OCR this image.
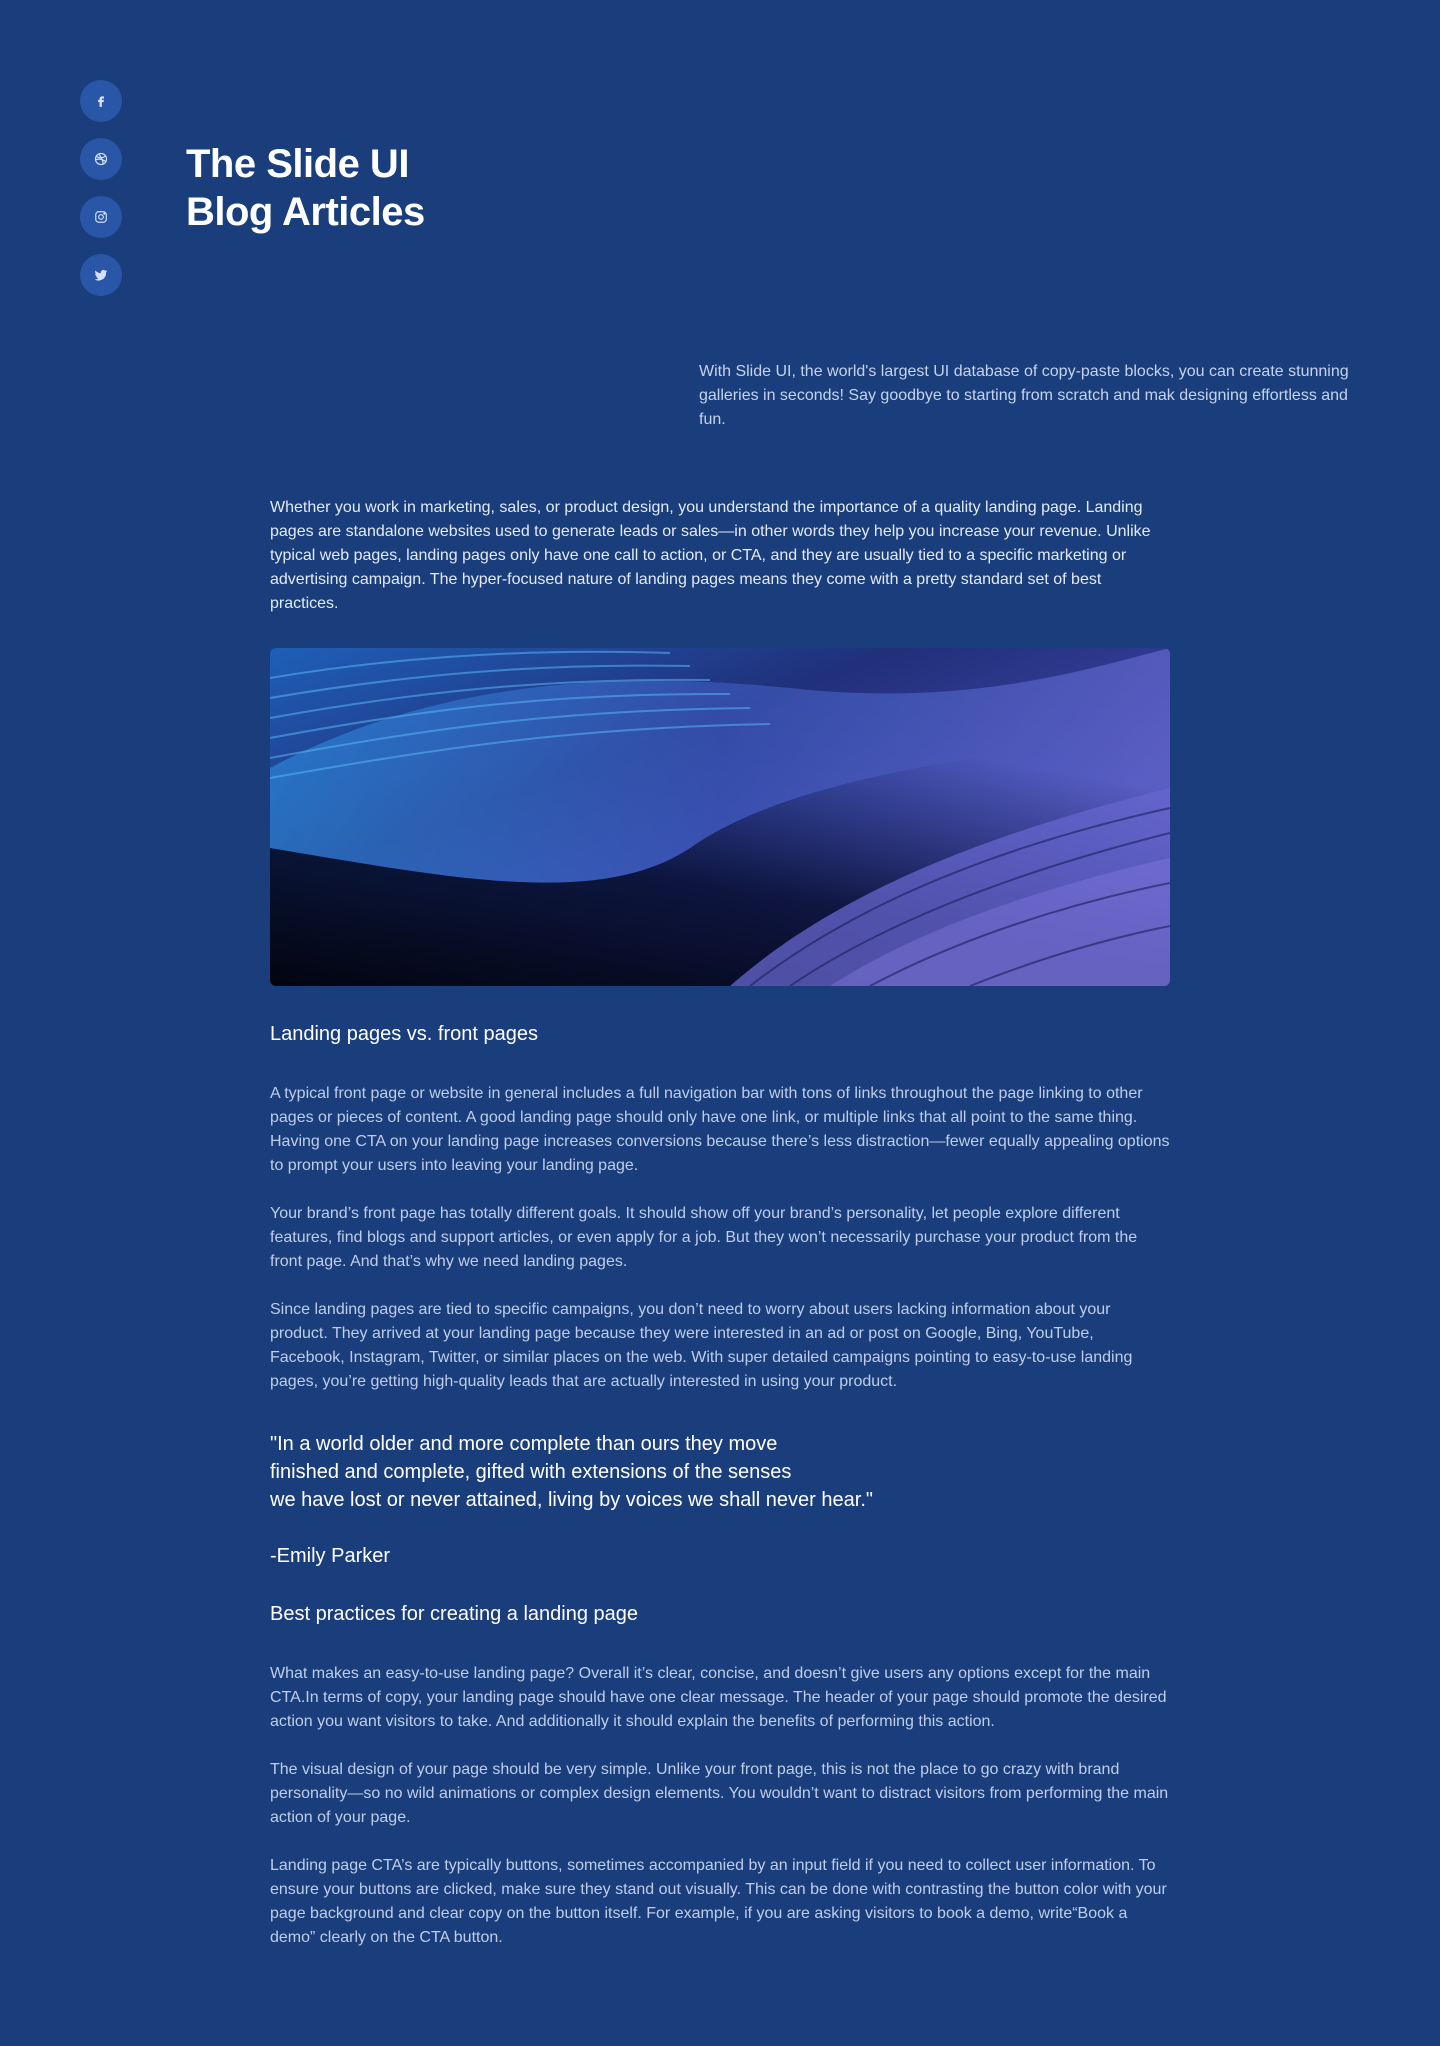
The Slide UI
Blog Articles

With Slide UI, the world's largest UI database of copy-paste blocks, you can create stunning galleries in seconds! Say goodbye to starting from scratch and mak designing effortless and fun.

Whether you work in marketing, sales, or product design, you understand the importance of a quality landing page. Landing pages are standalone websites used to generate leads or sales—in other words they help you increase your revenue. Unlike typical web pages, landing pages only have one call to action, or CTA, and they are usually tied to a specific marketing or advertising campaign. The hyper-focused nature of landing pages means they come with a pretty standard set of best practices.

Landing pages vs. front pages

A typical front page or website in general includes a full navigation bar with tons of links throughout the page linking to other pages or pieces of content. A good landing page should only have one link, or multiple links that all point to the same thing. Having one CTA on your landing page increases conversions because there’s less distraction—fewer equally appealing options to prompt your users into leaving your landing page.

Your brand’s front page has totally different goals. It should show off your brand’s personality, let people explore different features, find blogs and support articles, or even apply for a job. But they won’t necessarily purchase your product from the front page. And that’s why we need landing pages.

Since landing pages are tied to specific campaigns, you don’t need to worry about users lacking information about your product. They arrived at your landing page because they were interested in an ad or post on Google, Bing, YouTube, Facebook, Instagram, Twitter, or similar places on the web. With super detailed campaigns pointing to easy-to-use landing pages, you’re getting high-quality leads that are actually interested in using your product.

"In a world older and more complete than ours they move
finished and complete, gifted with extensions of the senses
we have lost or never attained, living by voices we shall never hear."

-Emily Parker

Best practices for creating a landing page

What makes an easy-to-use landing page? Overall it’s clear, concise, and doesn’t give users any options except for the main CTA.In terms of copy, your landing page should have one clear message. The header of your page should promote the desired action you want visitors to take. And additionally it should explain the benefits of performing this action.

The visual design of your page should be very simple. Unlike your front page, this is not the place to go crazy with brand personality—so no wild animations or complex design elements. You wouldn’t want to distract visitors from performing the main action of your page.

Landing page CTA’s are typically buttons, sometimes accompanied by an input field if you need to collect user information. To ensure your buttons are clicked, make sure they stand out visually. This can be done with contrasting the button color with your page background and clear copy on the button itself. For example, if you are asking visitors to book a demo, write“Book a demo” clearly on the CTA button.
